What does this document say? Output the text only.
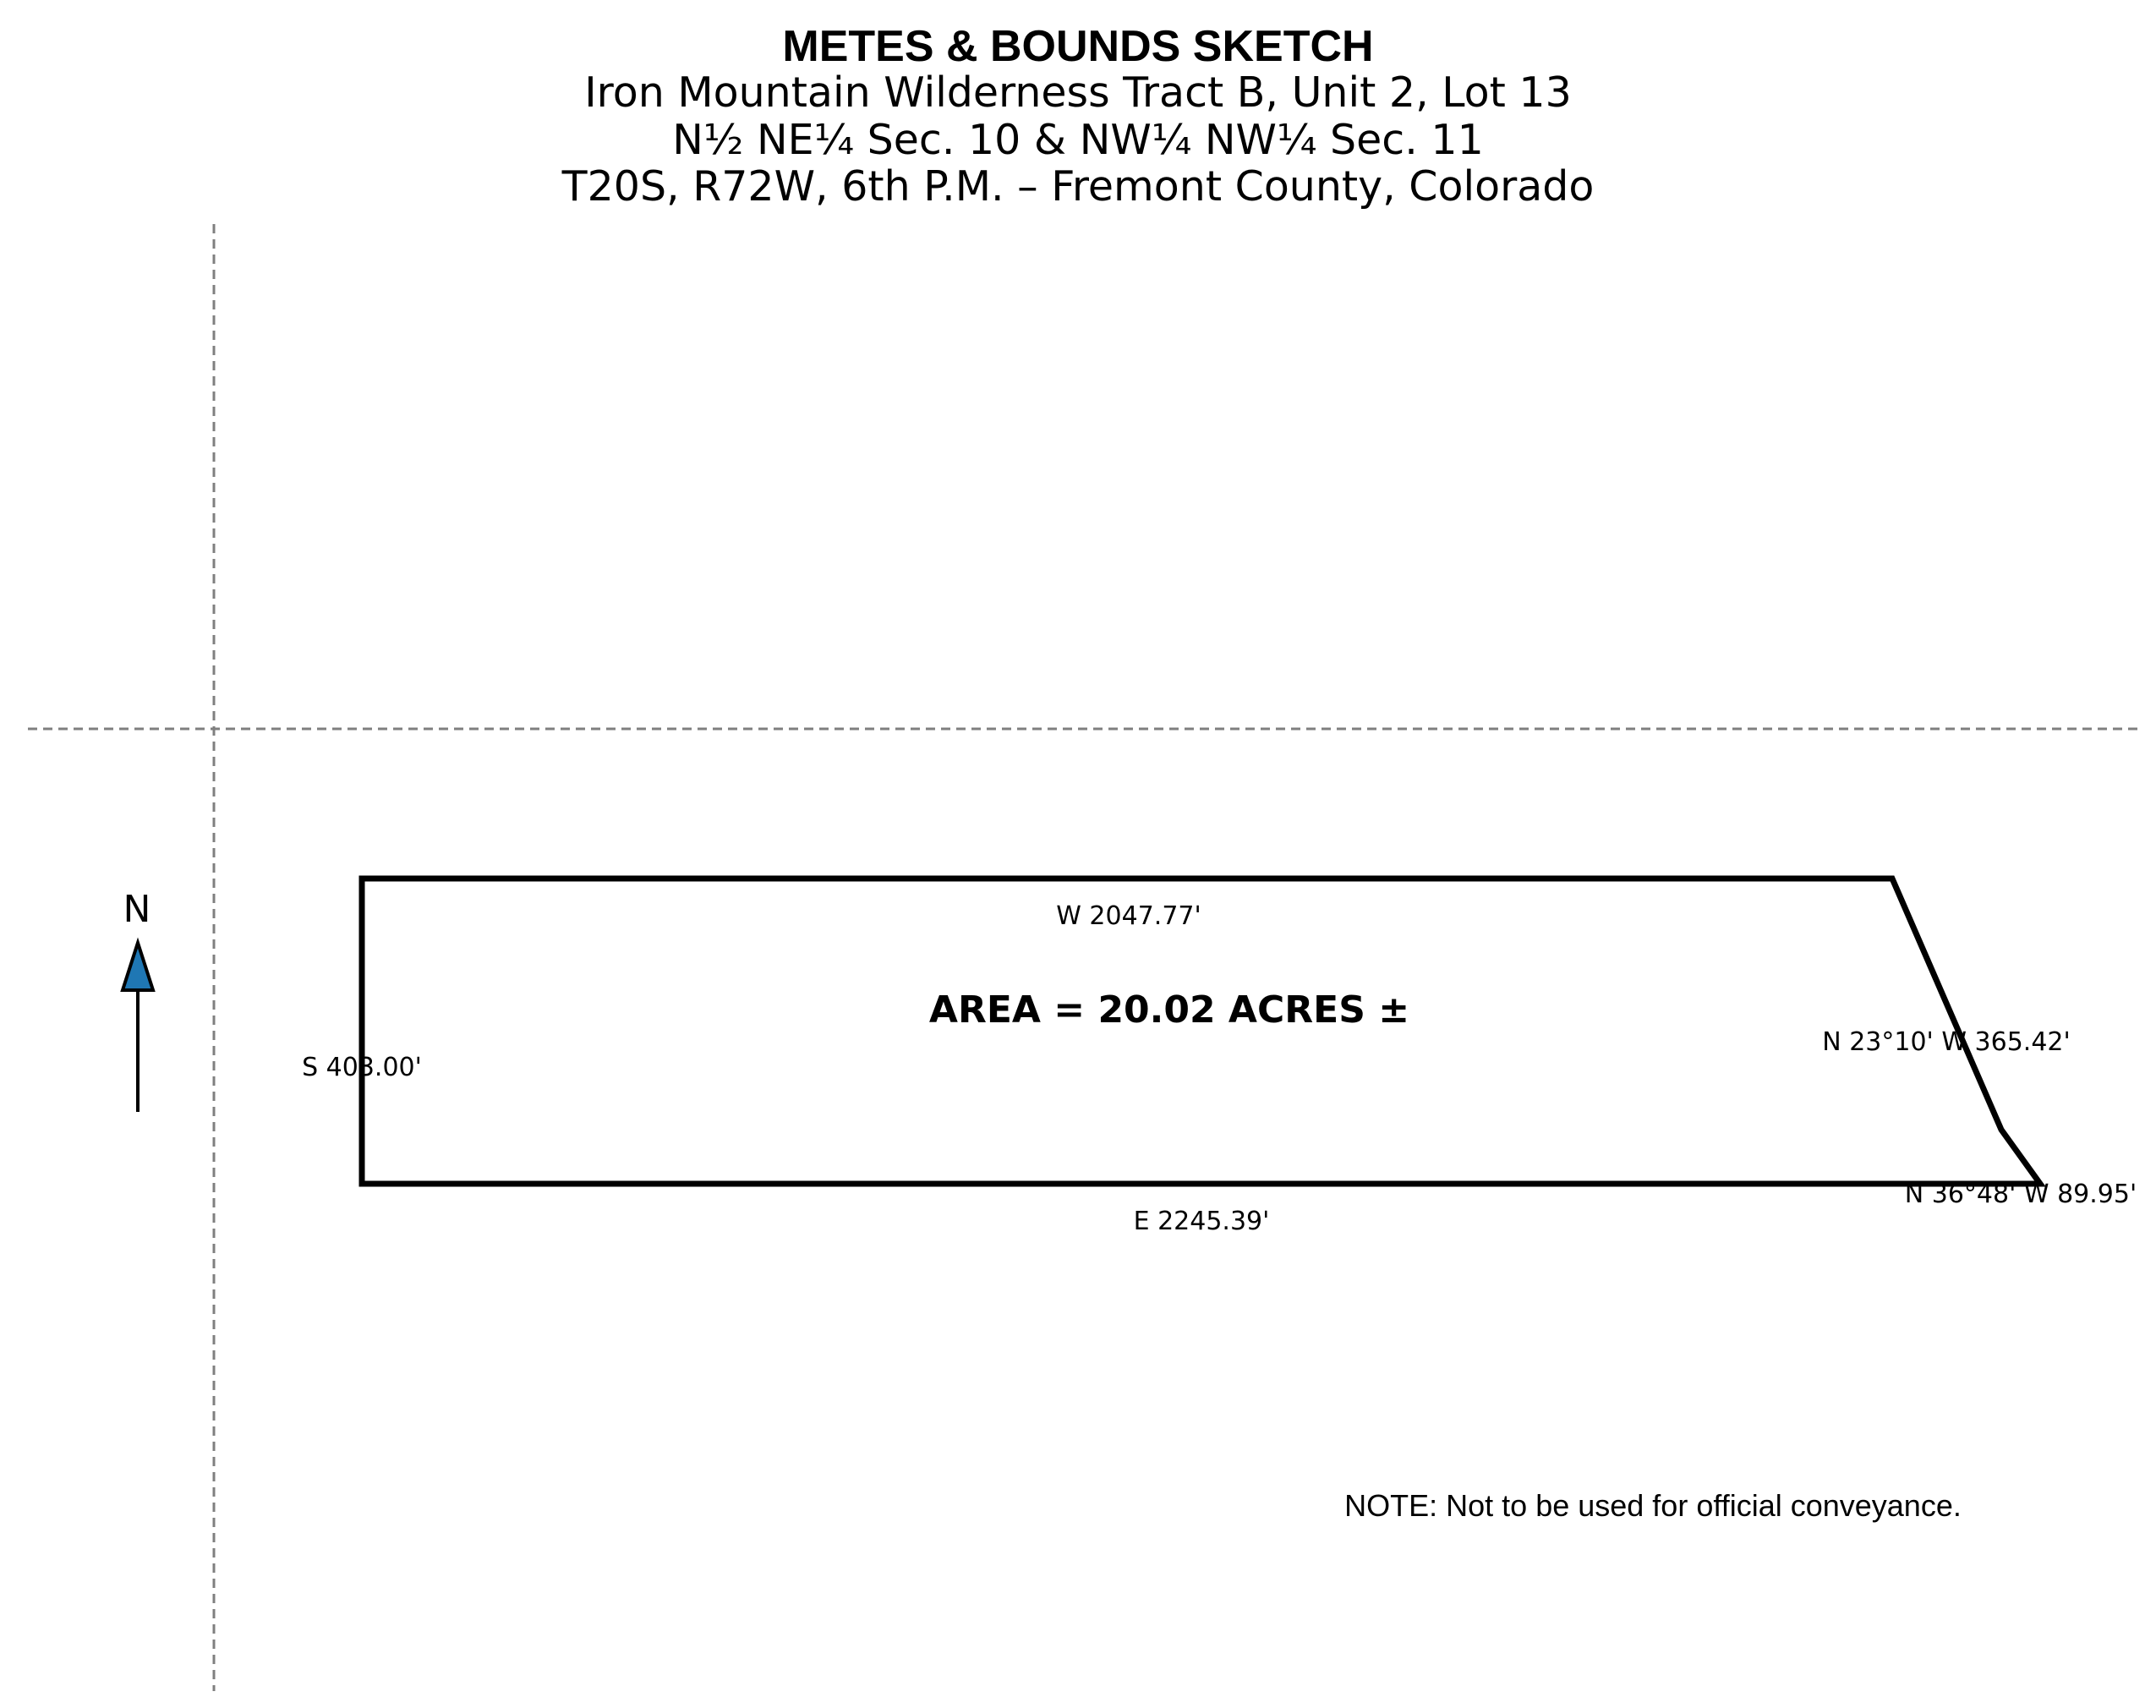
METES & BOUNDS SKETCH
Iron Mountain Wilderness Tract B, Unit 2, Lot 13
N½ NE¼ Sec. 10 & NW¼ NW¼ Sec. 11
T20S, R72W, 6th P.M. – Fremont County, Colorado
N	W 2047.77'
S 403.00'
E 2245.39'
N 36°48' W 89.95'
N 23°10' W 365.42'
AREA = 20.02 ACRES ±
NOTE: Not to be used for official conveyance.
